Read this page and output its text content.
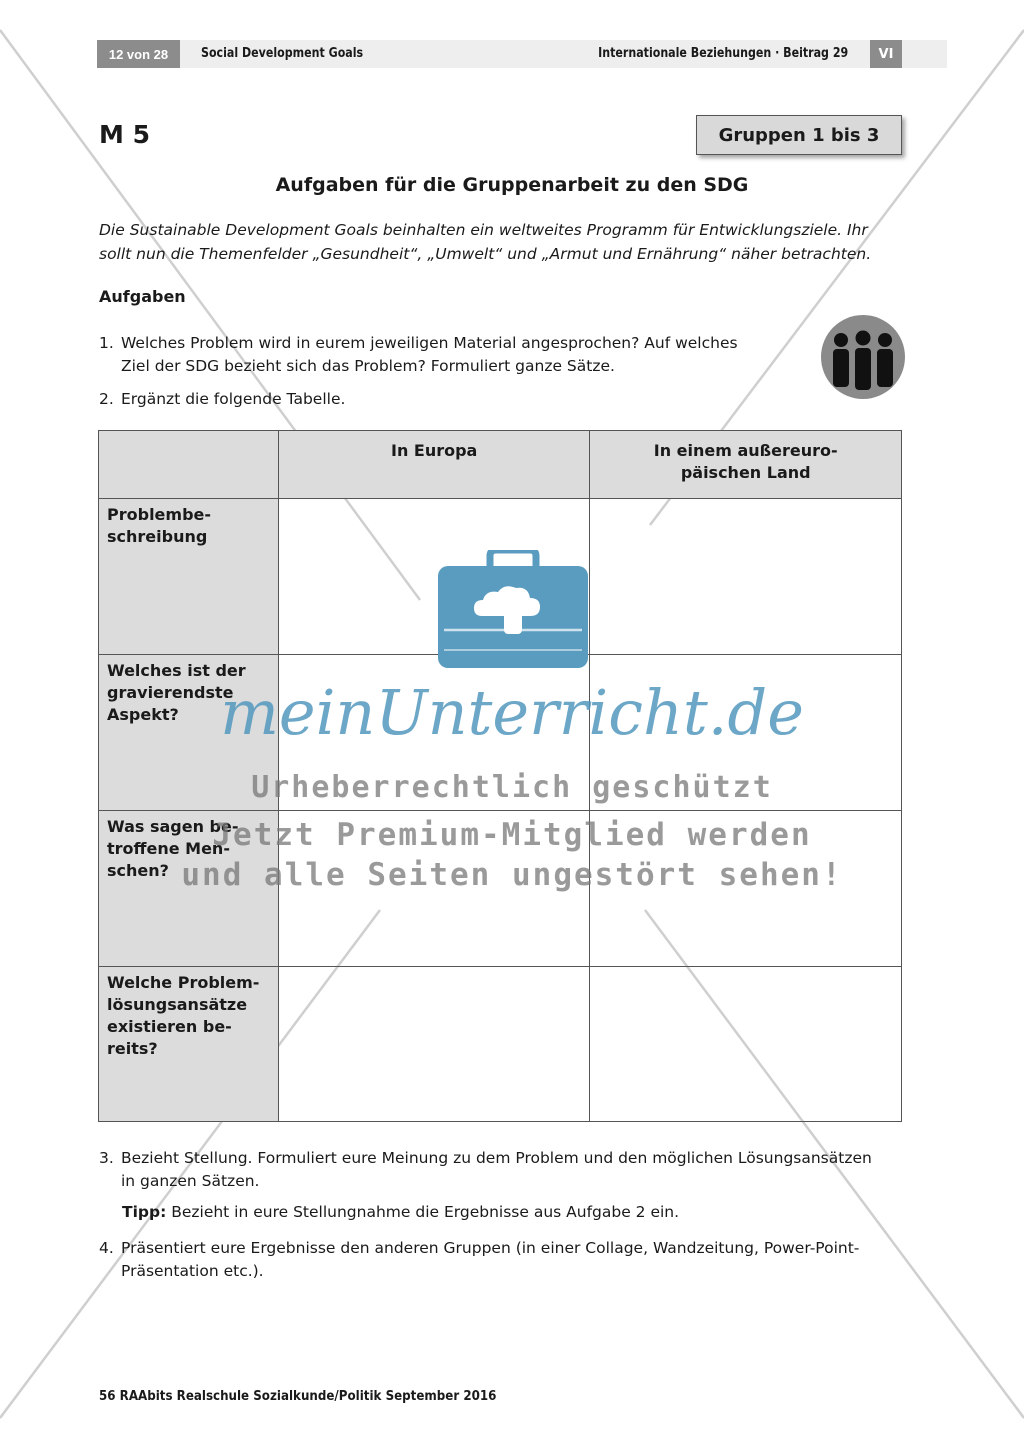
12 von 28	Social Development Goals	Internationale Beziehungen · Beitrag 29	VI
M 5	Gruppen 1 bis 3
Aufgaben für die Gruppenarbeit zu den SDG
Die Sustainable Development Goals beinhalten ein weltweites Programm für Entwicklungsziele. Ihr
sollt nun die Themenfelder „Gesundheit“, „Umwelt“ und „Armut und Ernährung“ näher betrachten.
Aufgaben
1. Welches Problem wird in eurem jeweiligen Material angesprochen? Auf welches
Ziel der SDG bezieht sich das Problem? Formuliert ganze Sätze.
2. Ergänzt die folgende Tabelle.

	In Europa	In einem außereuro-
päischen Land

Problembe-
schreibung		

Welches ist der
gravierendste
Aspekt?		

Was sagen be-
troffene Men-
schen?		

Welche Problem-
lösungsansätze
existieren be-
reits?		

3. Bezieht Stellung. Formuliert eure Meinung zu dem Problem und den möglichen Lösungsansätzen
in ganzen Sätzen.
Tipp: Bezieht in eure Stellungnahme die Ergebnisse aus Aufgabe 2 ein.
4. Präsentiert eure Ergebnisse den anderen Gruppen (in einer Collage, Wandzeitung, Power-Point-
Präsentation etc.).
56 RAAbits Realschule Sozialkunde/Politik September 2016
meinUnterricht.de
Urheberrechtlich geschützt
Jetzt Premium-Mitglied werden
und alle Seiten ungestört sehen!
